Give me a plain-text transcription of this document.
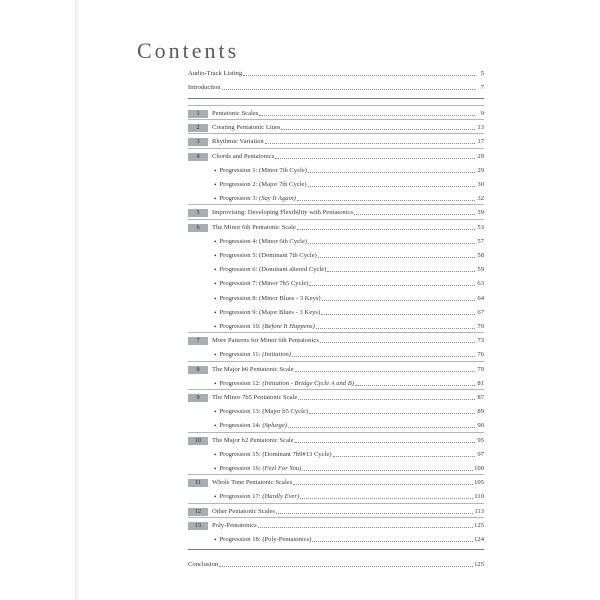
Contents
Audio-Track Listing	5
Introduction	7
1	Pentatonic Scales	9
2	Creating Pentatonic Lines	13
3	Rhythmic Variation	17
4	Chords and Pentatonics	29
• Progression 1: (Minor 7th Cycle)	29
• Progression 2: (Major 7th Cycle)	30
• Progression 3: (Say It Again)	32
5	Improvising: Developing Flexibility with Pentatonics	39
6	The Minor 6th Pentatonic Scale	53
• Progression 4: (Minor 6th Cycle)	57
• Progression 5: (Dominant 7th Cycle)	58
• Progression 6: (Dominant altered Cycle)	59
• Progression 7: (Minor 7b5 Cycle)	63
• Progression 8: (Minor Blues - 3 Keys)	64
• Progression 9: (Major Blues - 3 Keys)	67
• Progression 10: (Before It Happens)	70
7	More Patterns for Minor 6th Pentatonics	73
• Progression 11: (Initiation)	76
8	The Major b6 Pentatonic Scale	79
• Progression 12: (Initiation - Bridge Cycle A and B)	81
9	The Minor 7b5 Pentatonic Scale	87
• Progression 13: (Major b5 Cycle)	89
• Progression 14: (Splurge)	90
10	The Major b2 Pentatonic Scale	95
• Progression 15: (Dominant 7b9#13 Cycle)	97
• Progression 16: (Feel For You)	100
11	Whole Tone Pentatonic Scales	105
• Progression 17: (Hardly Ever)	110
12	Other Pentatonic Scales	113
13	Poly-Pentatonics	125
• Progression 18: (Poly-Pentatonics)	124
Conclusion	125
